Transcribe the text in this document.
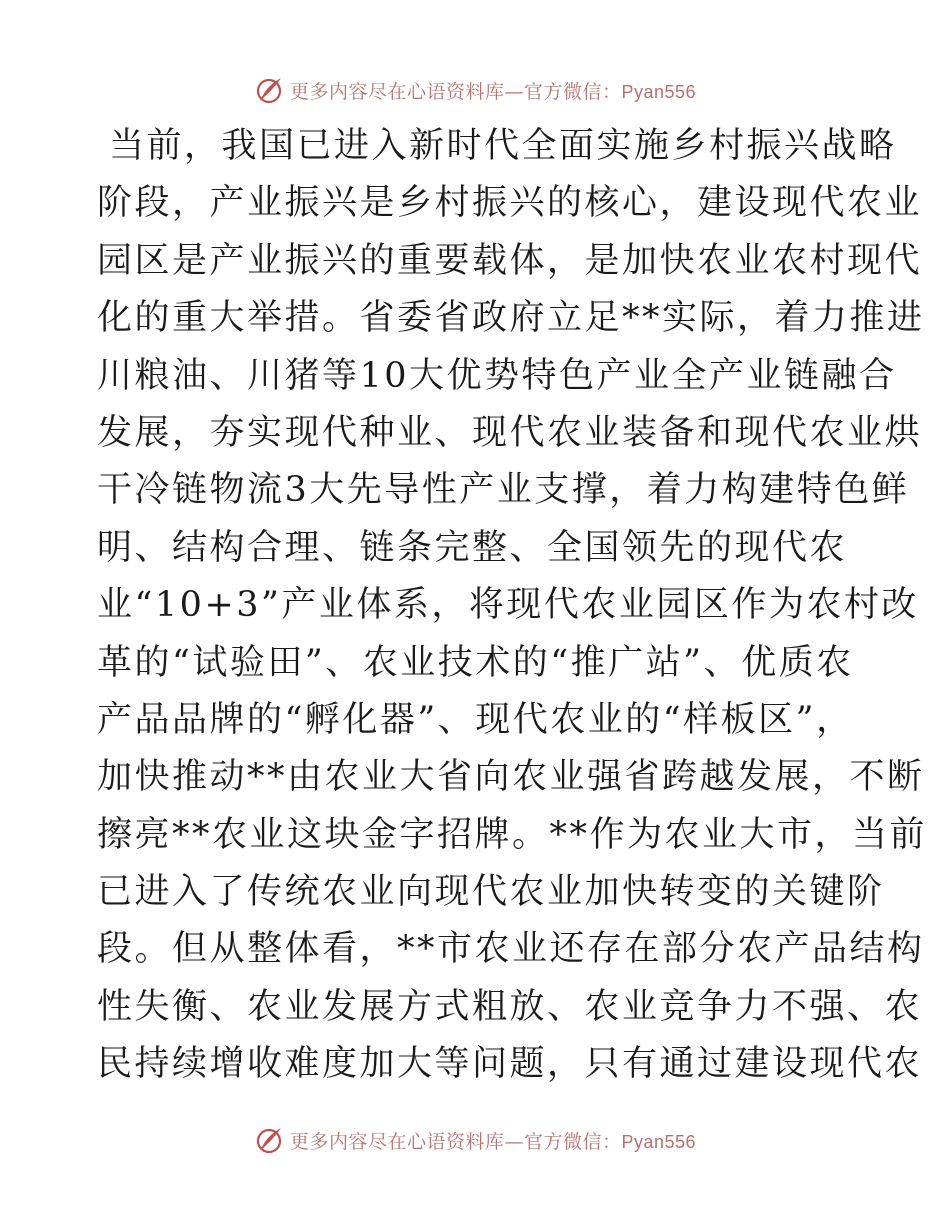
更多内容尽在心语资料库—官方微信：Pyan556
当前，我国已进入新时代全面实施乡村振兴战略
阶段，产业振兴是乡村振兴的核心，建设现代农业
园区是产业振兴的重要载体，是加快农业农村现代
化的重大举措。省委省政府立足**实际，着力推进
川粮油、川猪等10大优势特色产业全产业链融合
发展，夯实现代种业、现代农业装备和现代农业烘
干冷链物流3大先导性产业支撑，着力构建特色鲜
明、结构合理、链条完整、全国领先的现代农
业“10+3”产业体系，将现代农业园区作为农村改
革的“试验田”、农业技术的“推广站”、优质农
产品品牌的“孵化器”、现代农业的“样板区”，
加快推动**由农业大省向农业强省跨越发展，不断
擦亮**农业这块金字招牌。**作为农业大市，当前
已进入了传统农业向现代农业加快转变的关键阶
段。但从整体看，**市农业还存在部分农产品结构
性失衡、农业发展方式粗放、农业竞争力不强、农
民持续增收难度加大等问题，只有通过建设现代农
更多内容尽在心语资料库—官方微信：Pyan556
